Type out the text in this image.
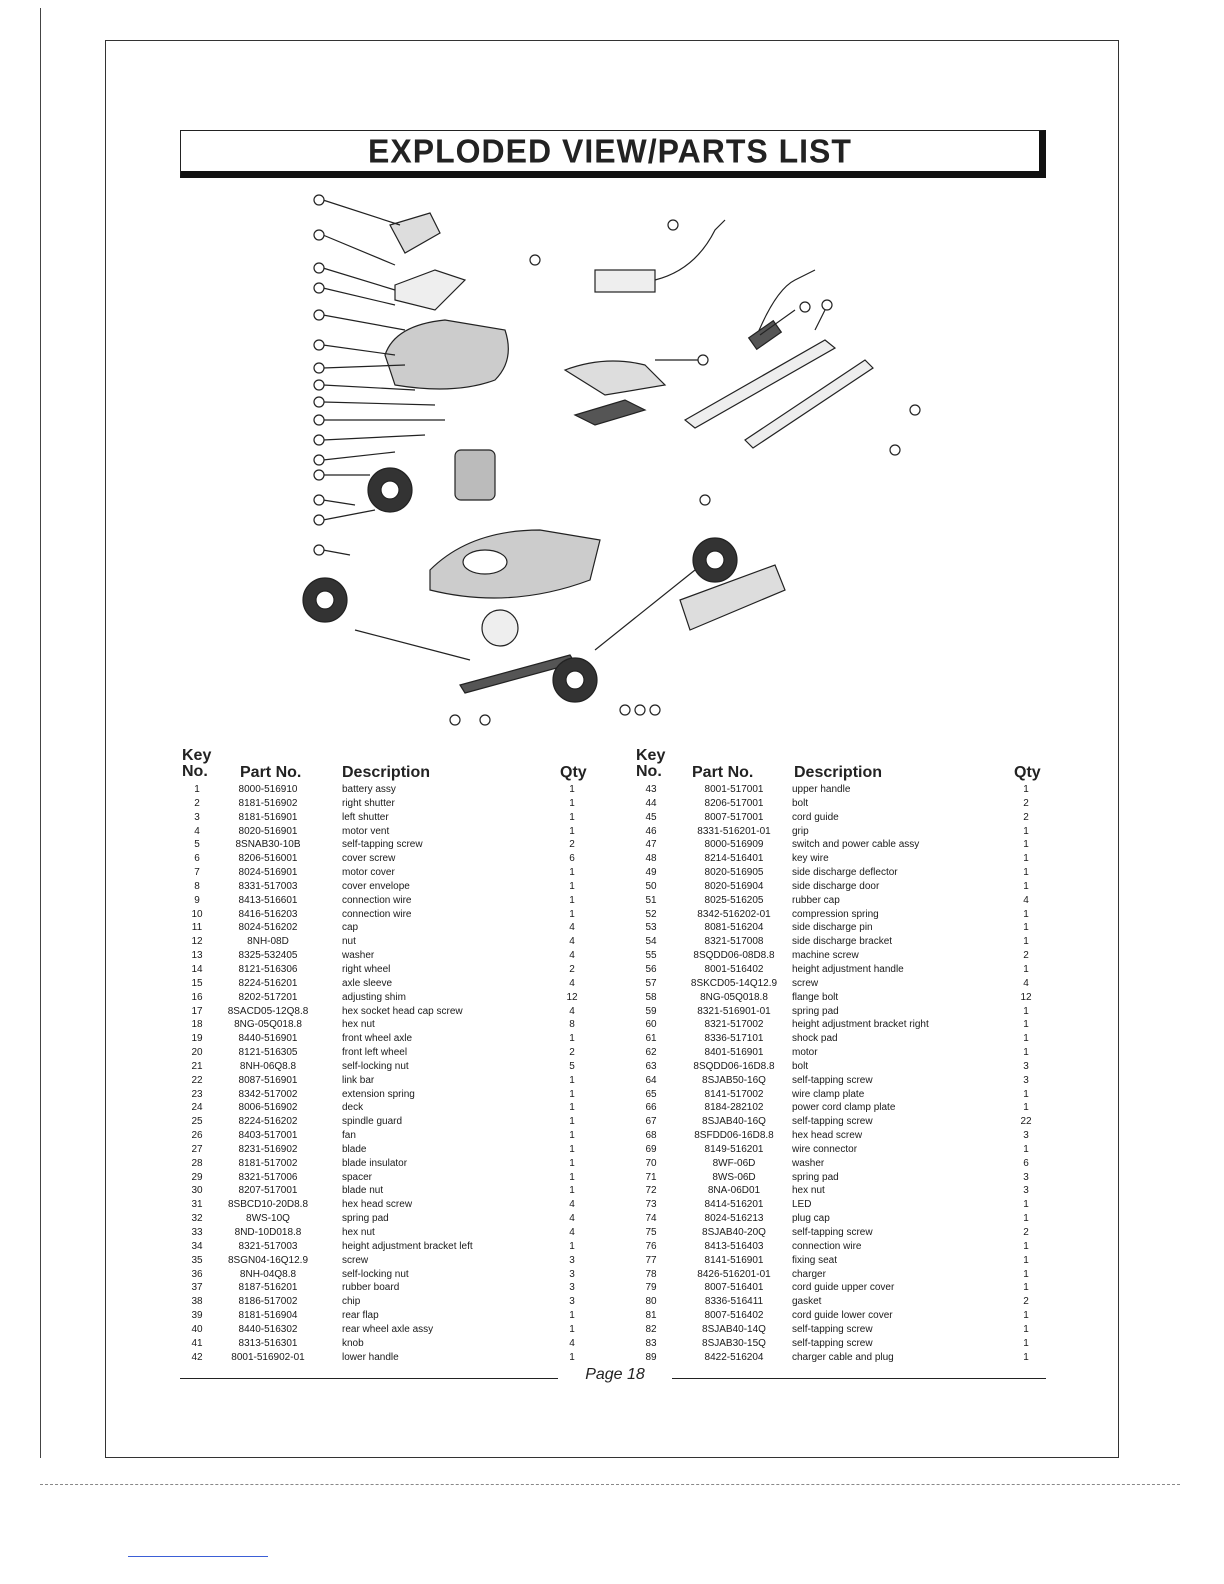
EXPLODED VIEW/PARTS LIST
Key
No. Part No.	Description	Qty
1	8000-516910	battery assy	1
2	8181-516902	right shutter	1
3	8181-516901	left shutter	1
4	8020-516901	motor vent	1
5	8SNAB30-10B	self-tapping screw	2
6	8206-516001	cover screw	6
7	8024-516901	motor cover	1
8	8331-517003	cover envelope	1
9	8413-516601	connection wire	1
10	8416-516203	connection wire	1
11	8024-516202	cap	4
12	8NH-08D	nut	4
13	8325-532405	washer	4
14	8121-516306	right wheel	2
15	8224-516201	axle sleeve	4
16	8202-517201	adjusting shim	12
17	8SACD05-12Q8.8	hex socket head cap screw	4
18	8NG-05Q018.8	hex nut	8
19	8440-516901	front wheel axle	1
20	8121-516305	front left wheel	2
21	8NH-06Q8.8	self-locking nut	5
22	8087-516901	link bar	1
23	8342-517002	extension spring	1
24	8006-516902	deck	1
25	8224-516202	spindle guard	1
26	8403-517001	fan	1
27	8231-516902	blade	1
28	8181-517002	blade insulator	1
29	8321-517006	spacer	1
30	8207-517001	blade nut	1
31	8SBCD10-20D8.8	hex head screw	4
32	8WS-10Q	spring pad	4
33	8ND-10D018.8	hex nut	4
34	8321-517003	height adjustment bracket left	1
35	8SGN04-16Q12.9	screw	3
36	8NH-04Q8.8	self-locking nut	3
37	8187-516201	rubber board	3
38	8186-517002	chip	3
39	8181-516904	rear flap	1
40	8440-516302	rear wheel axle assy	1
41	8313-516301	knob	4
42	8001-516902-01	lower handle	1
Key
No. Part No.	Description	Qty
43	8001-517001	upper handle	1
44	8206-517001	bolt	2
45	8007-517001	cord guide	2
46	8331-516201-01	grip	1
47	8000-516909	switch and power cable assy	1
48	8214-516401	key wire	1
49	8020-516905	side discharge deflector	1
50	8020-516904	side discharge door	1
51	8025-516205	rubber cap	4
52	8342-516202-01	compression spring	1
53	8081-516204	side discharge pin	1
54	8321-517008	side discharge bracket	1
55	8SQDD06-08D8.8	machine screw	2
56	8001-516402	height adjustment handle	1
57	8SKCD05-14Q12.9	screw	4
58	8NG-05Q018.8	flange bolt	12
59	8321-516901-01	spring pad	1
60	8321-517002	height adjustment bracket right	1
61	8336-517101	shock pad	1
62	8401-516901	motor	1
63	8SQDD06-16D8.8	bolt	3
64	8SJAB50-16Q	self-tapping screw	3
65	8141-517002	wire clamp plate	1
66	8184-282102	power cord clamp plate	1
67	8SJAB40-16Q	self-tapping screw	22
68	8SFDD06-16D8.8	hex head screw	3
69	8149-516201	wire connector	1
70	8WF-06D	washer	6
71	8WS-06D	spring pad	3
72	8NA-06D01	hex nut	3
73	8414-516201	LED	1
74	8024-516213	plug cap	1
75	8SJAB40-20Q	self-tapping screw	2
76	8413-516403	connection wire	1
77	8141-516901	fixing seat	1
78	8426-516201-01	charger	1
79	8007-516401	cord guide upper cover	1
80	8336-516411	gasket	2
81	8007-516402	cord guide lower cover	1
82	8SJAB40-14Q	self-tapping screw	1
83	8SJAB30-15Q	self-tapping screw	1
89	8422-516204	charger cable and plug	1
Page 18
